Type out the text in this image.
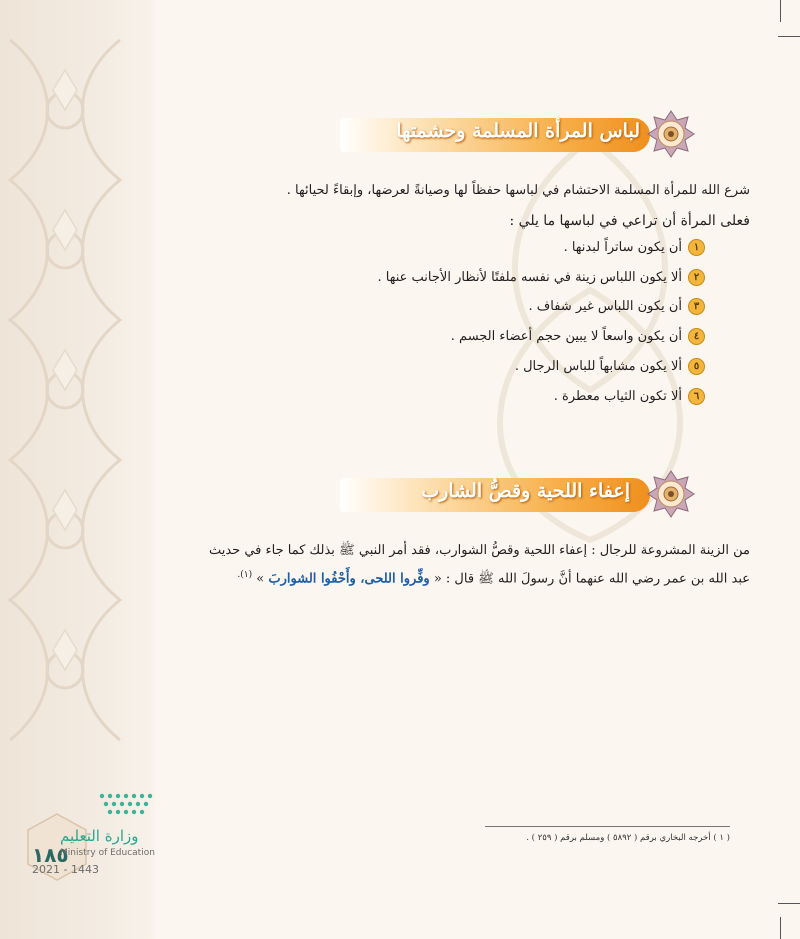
لباس المرأة المسلمة وحشمتها
شرع الله للمرأة المسلمة الاحتشام في لباسها حفظاً لها وصيانةً لعرضها، وإبقاءً لحيائها .
فعلى المرأة أن تراعي في لباسها ما يلي :
١
أن يكون ساتراً لبدنها .
٢
ألا يكون اللباس زينة في نفسه ملفتًا لأنظار الأجانب عنها .
٣
أن يكون اللباس غير شفاف .
٤
أن يكون واسعاً لا يبين حجم أعضاء الجسم .
٥
ألا يكون مشابهاً للباس الرجال .
٦
ألا تكون الثياب معطرة .
إعفاء اللحية وقصُّ الشارب
من الزينة المشروعة للرجال : إعفاء اللحية وقصُّ الشوارب، فقد أمر النبي ﷺ بذلك كما جاء في حديث
عبد الله بن عمر رضي الله عنهما أنَّ رسولَ الله ﷺ قال : « وفِّروا اللحى، وأَحْفُوا الشواربَ » $^{(١).}$
( ١ ) أخرجه البخاري برقم ( ٥٨٩٢ ) ومسلم برقم ( ٢٥٩ ) .
١٨٥
وزارة التعليم
Ministry of Education
2021 - 1443
